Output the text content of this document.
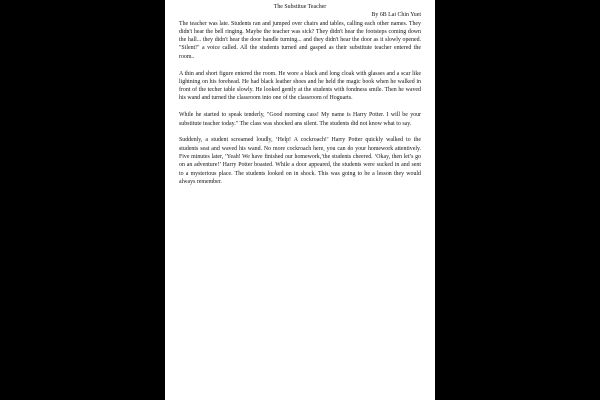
The Substitue Teacher

By 6B Lai Chin Yuet

The teacher was late. Students ran and jumped over chairs and tables, calling each other names. They didn't hear the bell ringing. Maybe the teacher was sick? They didn't hear the footsteps coming down the hall... they didn't hear the door handle turning... and they didn't hear the door as it slowly opened. "Silent!" a voice called. All the students turned and gasped as their substitute teacher entered the room..

A thin and short figure entered the room. He wore a black and long cloak with glasses and a scar like lightning on his forehead. He had black leather shoes and he held the magic book when he walked in front of the techer table slowly. He looked gently at the students with fondness smile. Then he waved his wand and turned the classroom into one of the classroom of Hoguarts.

While he started to speak tenderly, "Good morning cass! My name is Harry Potter. I will be your substitute teacher today." The class was shocked ans silent. The students did not know what to say.

Suddenly, a student screamed loudly, ‘Help! A cockroach!’ Harry Potter quickly walked to the students seat and waved his wand. No more cockroach here, you can do your homework attentively. Five minutes later, ‘Yeah! We have finished our homework,’the students cheered. ‘Okay, then let’s go on an adventure!’ Harry Potter boasted. While a door appeared, the students were sucked in and sent to a mysterious place. The students looked on in shock. This was going to be a lesson they would always remember.
